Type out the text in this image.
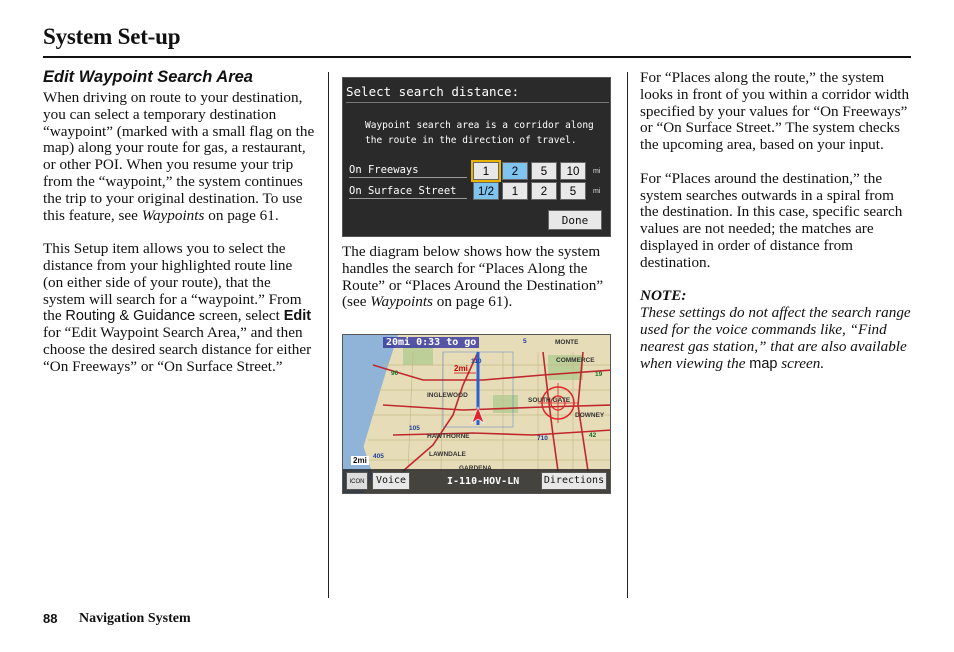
System Set-up
Edit Waypoint Search Area

When driving on route to your destination, you can select a temporary destination “waypoint” (marked with a small flag on the map) along your route for gas, a restaurant, or other POI. When you resume your trip from the “waypoint,” the system continues the trip to your original destination. To use this feature, see Waypoints on page 61.

This Setup item allows you to select the distance from your highlighted route line (on either side of your route), that the system will search for a “waypoint.” From the Routing & Guidance screen, select Edit for “Edit Waypoint Search Area,” and then choose the desired search distance for either “On Freeways” or “On Surface Street.”

Select search distance:
Waypoint search area is a corridor along the route in the direction of travel.
On Freeways	1	2	5	10	mi
On Surface Street	1/2	1	2	5	mi
Done

The diagram below shows how the system handles the search for “Places Along the Route” or “Places Around the Destination” (see Waypoints on page 61).

20mi 0:33 to go
2mi
MONTE
COMMERCE
INGLEWOOD
SOUTH GATE
DOWNEY
HAWTHORNE
LAWNDALE
5
110
90	19
105
710	42
405
2mi
ICON	Voice	I-110-HOV-LN Directions

For “Places along the route,” the system looks in front of you within a corridor width specified by your values for “On Freeways” or “On Surface Street.” The system checks the upcoming area, based on your input.

For “Places around the destination,” the system searches outwards in a spiral from the destination. In this case, specific search values are not needed; the matches are displayed in order of distance from destination.

NOTE:

These settings do not affect the search range used for the voice commands like, “Find nearest gas station,” that are also available when viewing the map screen.

88 Navigation System
